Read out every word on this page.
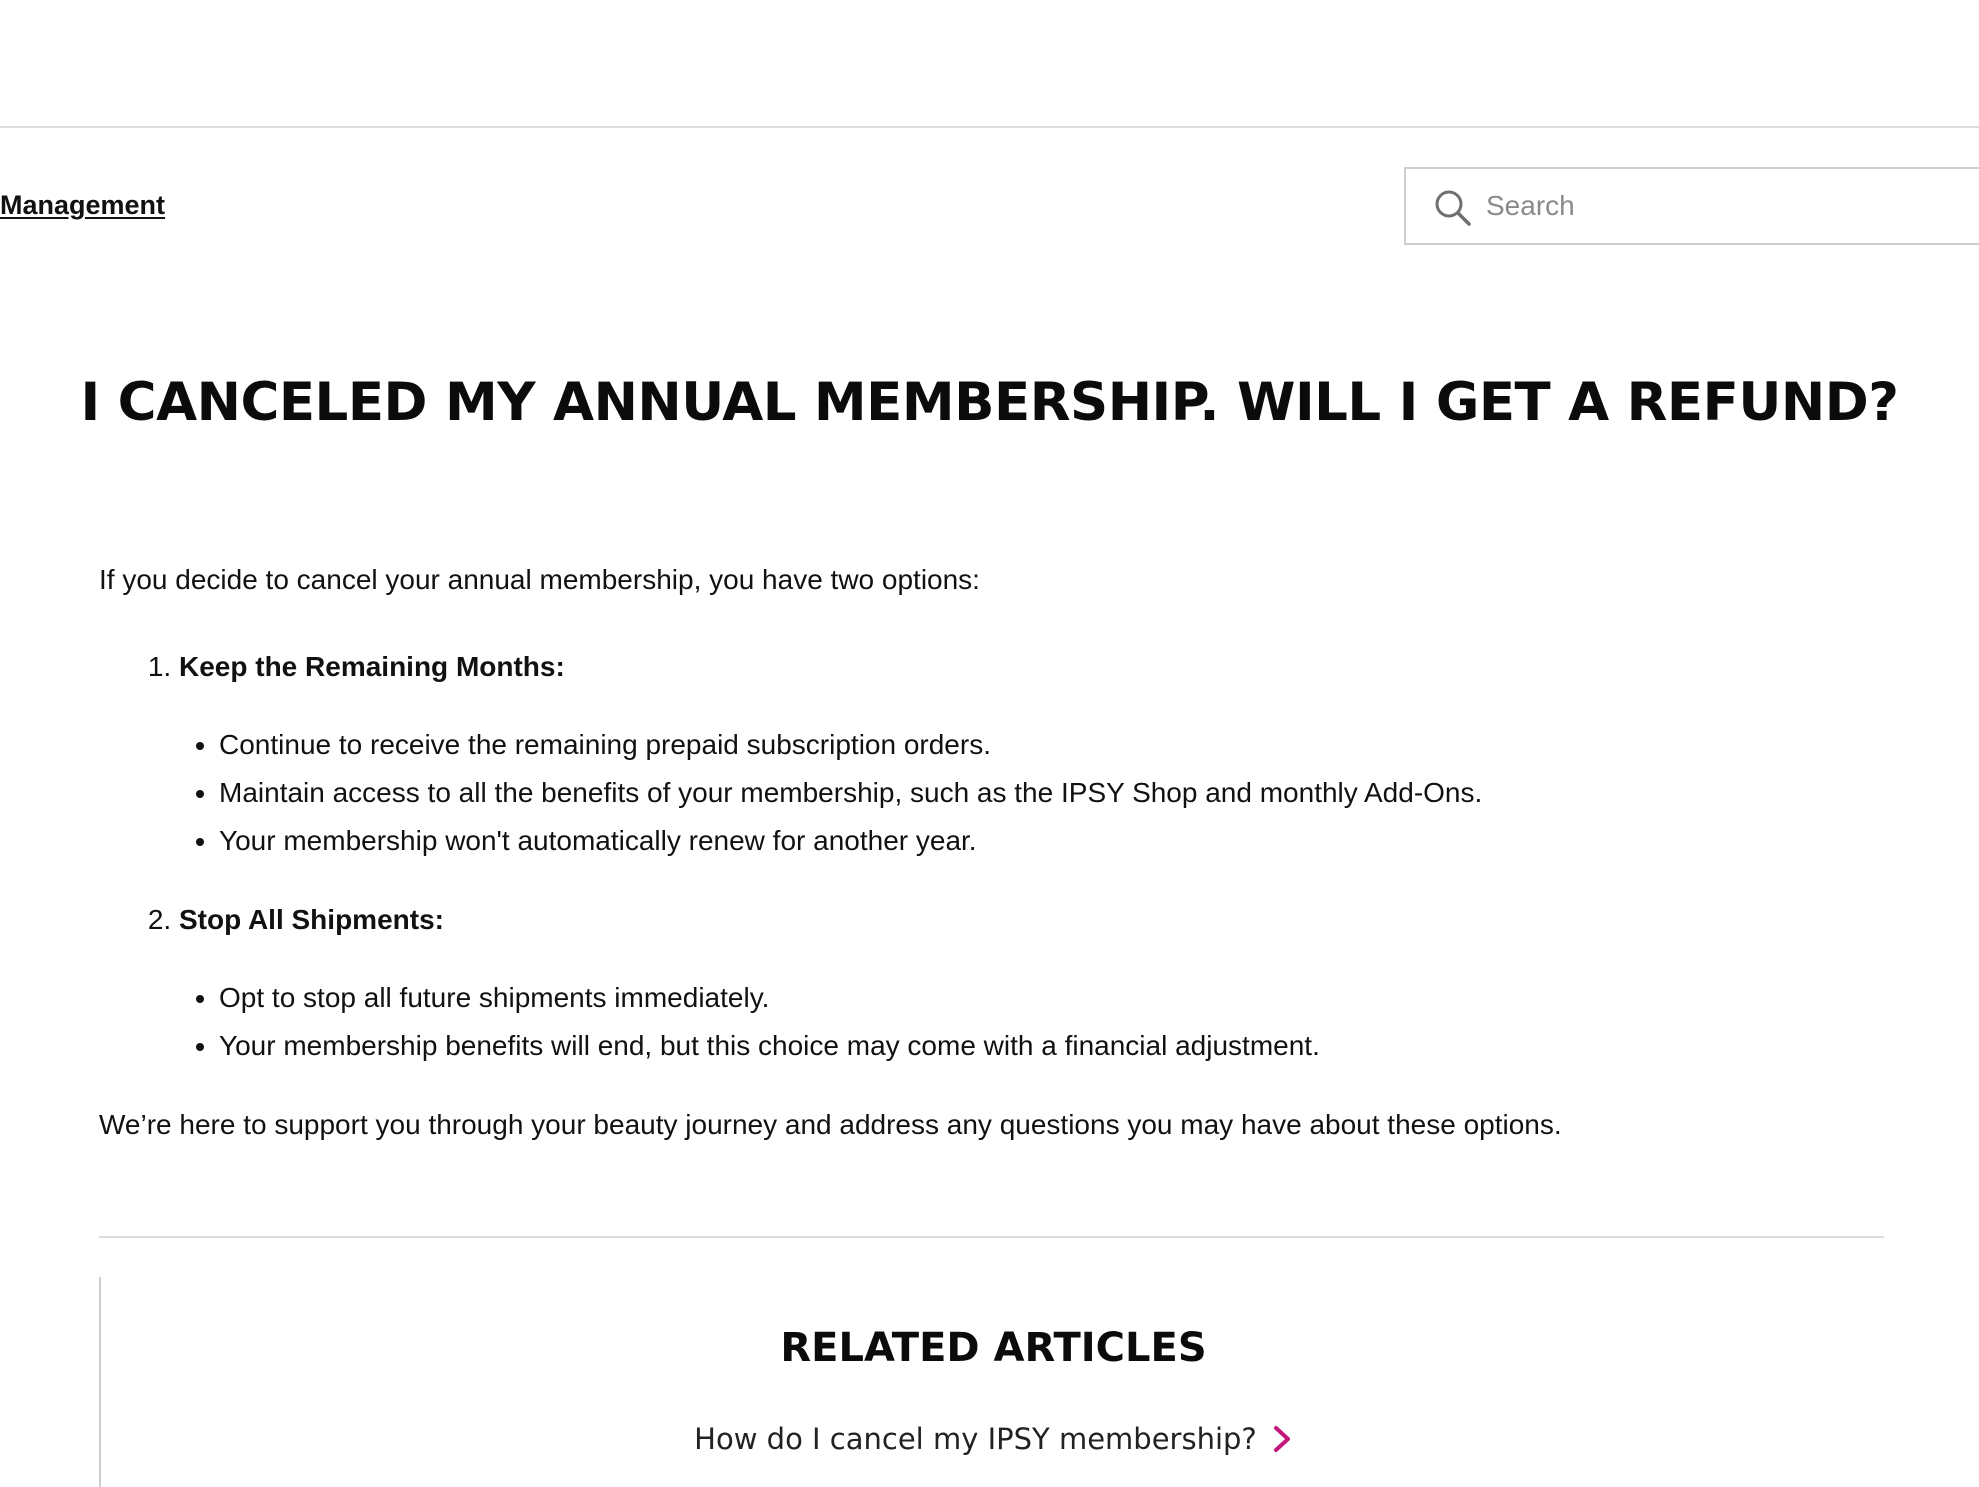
Management
Search
I CANCELED MY ANNUAL MEMBERSHIP. WILL I GET A REFUND?

If you decide to cancel your annual membership, you have two options:

1. Keep the Remaining Months:
• Continue to receive the remaining prepaid subscription orders.
• Maintain access to all the benefits of your membership, such as the IPSY Shop and monthly Add-Ons.
• Your membership won't automatically renew for another year.
2. Stop All Shipments:
• Opt to stop all future shipments immediately.
• Your membership benefits will end, but this choice may come with a financial adjustment.

We’re here to support you through your beauty journey and address any questions you may have about these options.

RELATED ARTICLES
How do I cancel my IPSY membership?
